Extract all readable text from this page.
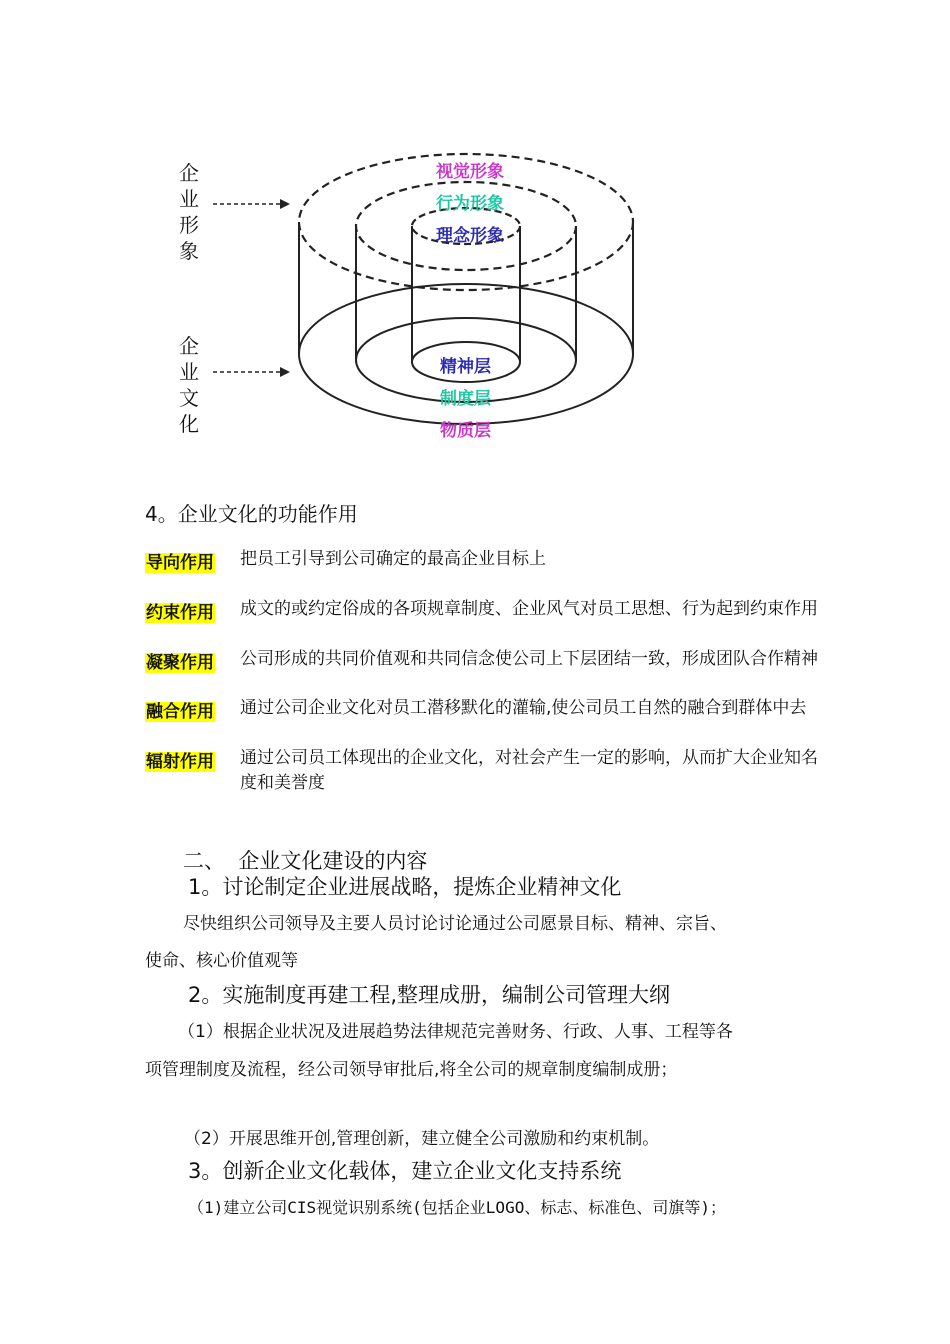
企
业
形
象
企
业
文
化
视觉形象
行为形象
理念形象
精神层
制度层
物质层
4。企业文化的功能作用
导向作用 把员工引导到公司确定的最高企业目标上
约束作用 成文的或约定俗成的各项规章制度、企业风气对员工思想、行为起到约束作用
凝聚作用 公司形成的共同价值观和共同信念使公司上下层团结一致，形成团队合作精神
融合作用 通过公司企业文化对员工潜移默化的灌输,使公司员工自然的融合到群体中去
辐射作用 通过公司员工体现出的企业文化，对社会产生一定的影响，从而扩大企业知名度和美誉度
二、  企业文化建设的内容
1。讨论制定企业进展战略，提炼企业精神文化
尽快组织公司领导及主要人员讨论讨论通过公司愿景目标、精神、宗旨、
使命、核心价值观等
2。实施制度再建工程,整理成册，编制公司管理大纲
（1）根据企业状况及进展趋势法律规范完善财务、行政、人事、工程等各
项管理制度及流程，经公司领导审批后,将全公司的规章制度编制成册；
（2）开展思维开创,管理创新，建立健全公司激励和约束机制。
3。创新企业文化载体，建立企业文化支持系统
（1)建立公司CIS视觉识别系统(包括企业LOGO、标志、标准色、司旗等)；
